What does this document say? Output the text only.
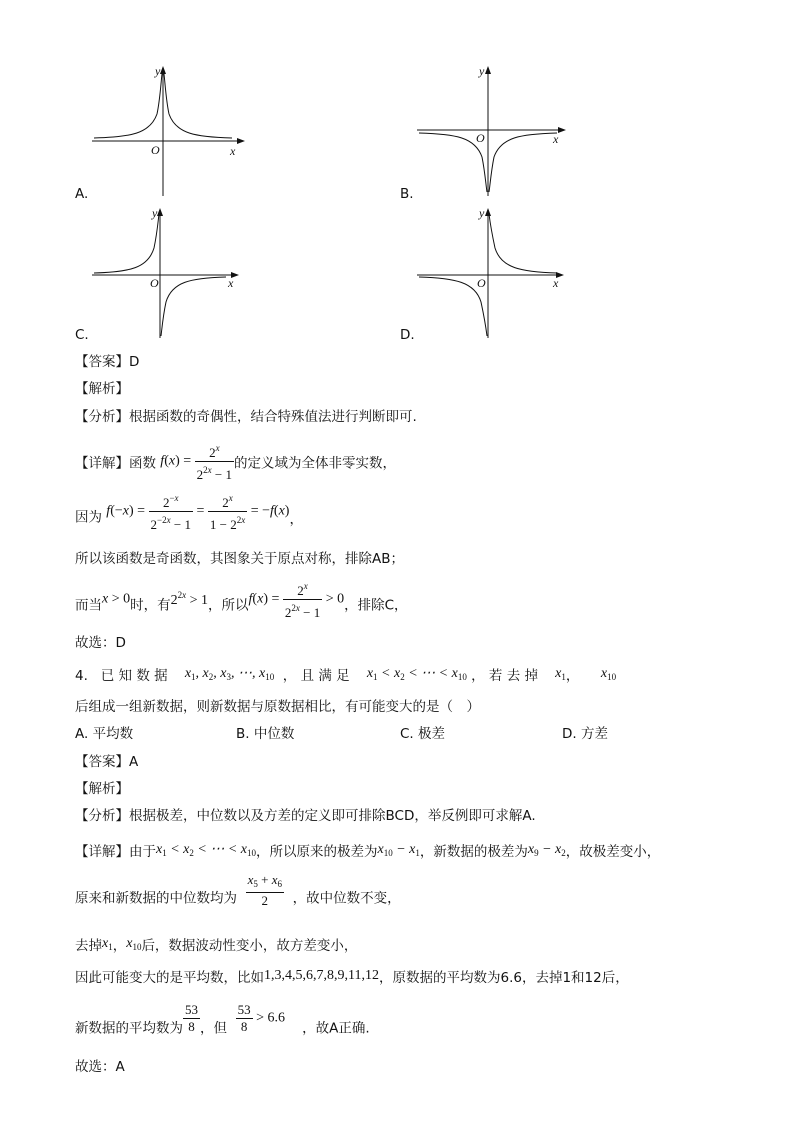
y
x
O
A.
y
x
O
B.
y
x
O
C.
y
x
O
D.
【答案】D
【解析】
【分析】根据函数的奇偶性，结合特殊值法进行判断即可.
【详解】函数 $f(x) = \frac{2^x}{2^{2x} - 1}$ 的定义域为全体非零实数，
因为 $f(-x) = \frac{2^{-x}}{2^{-2x} - 1} = \frac{2^x}{1 - 2^{2x}} = -f(x)$，
所以该函数是奇函数，其图象关于原点对称，排除AB；
而当x > 0时，有$2^{2x} > 1$，所以$f(x) = \frac{2^x}{2^{2x} - 1} > 0$，排除C，
故选：D
4. 已 知 数 据 $x_1$, $x_2$, $x_3$, ⋯, $x_{10}$ ， 且 满 足 $x_1 < x_2$ < ⋯ < $x_{10}$ ， 若 去 掉 $x_1$，     $x_{10}$
后组成一组新数据，则新数据与原数据相比，有可能变大的是（　）
A. 平均数	B. 中位数	C. 极差	D. 方差
【答案】A
【解析】
【分析】根据极差，中位数以及方差的定义即可排除BCD，举反例即可求解A.
【详解】由于$x_1 < x_2$ < ⋯ < $x_{10}$，所以原来的极差为$x_{10} - x_1$，新数据的极差为$x_9 - x_2$，故极差变小，
原来和新数据的中位数均为 $\frac{x_5 + x_6}{2}$ ，故中位数不变，
去掉$x_1$，$x_{10}$后，数据波动性变小，故方差变小，
因此可能变大的是平均数，比如1,3,4,5,6,7,8,9,11,12，原数据的平均数为6.6，去掉1和12后，
新数据的平均数为 $\frac{53}{8}$ ，但 $\frac{53}{8} > 6.6$    ，故A正确.
故选：A
